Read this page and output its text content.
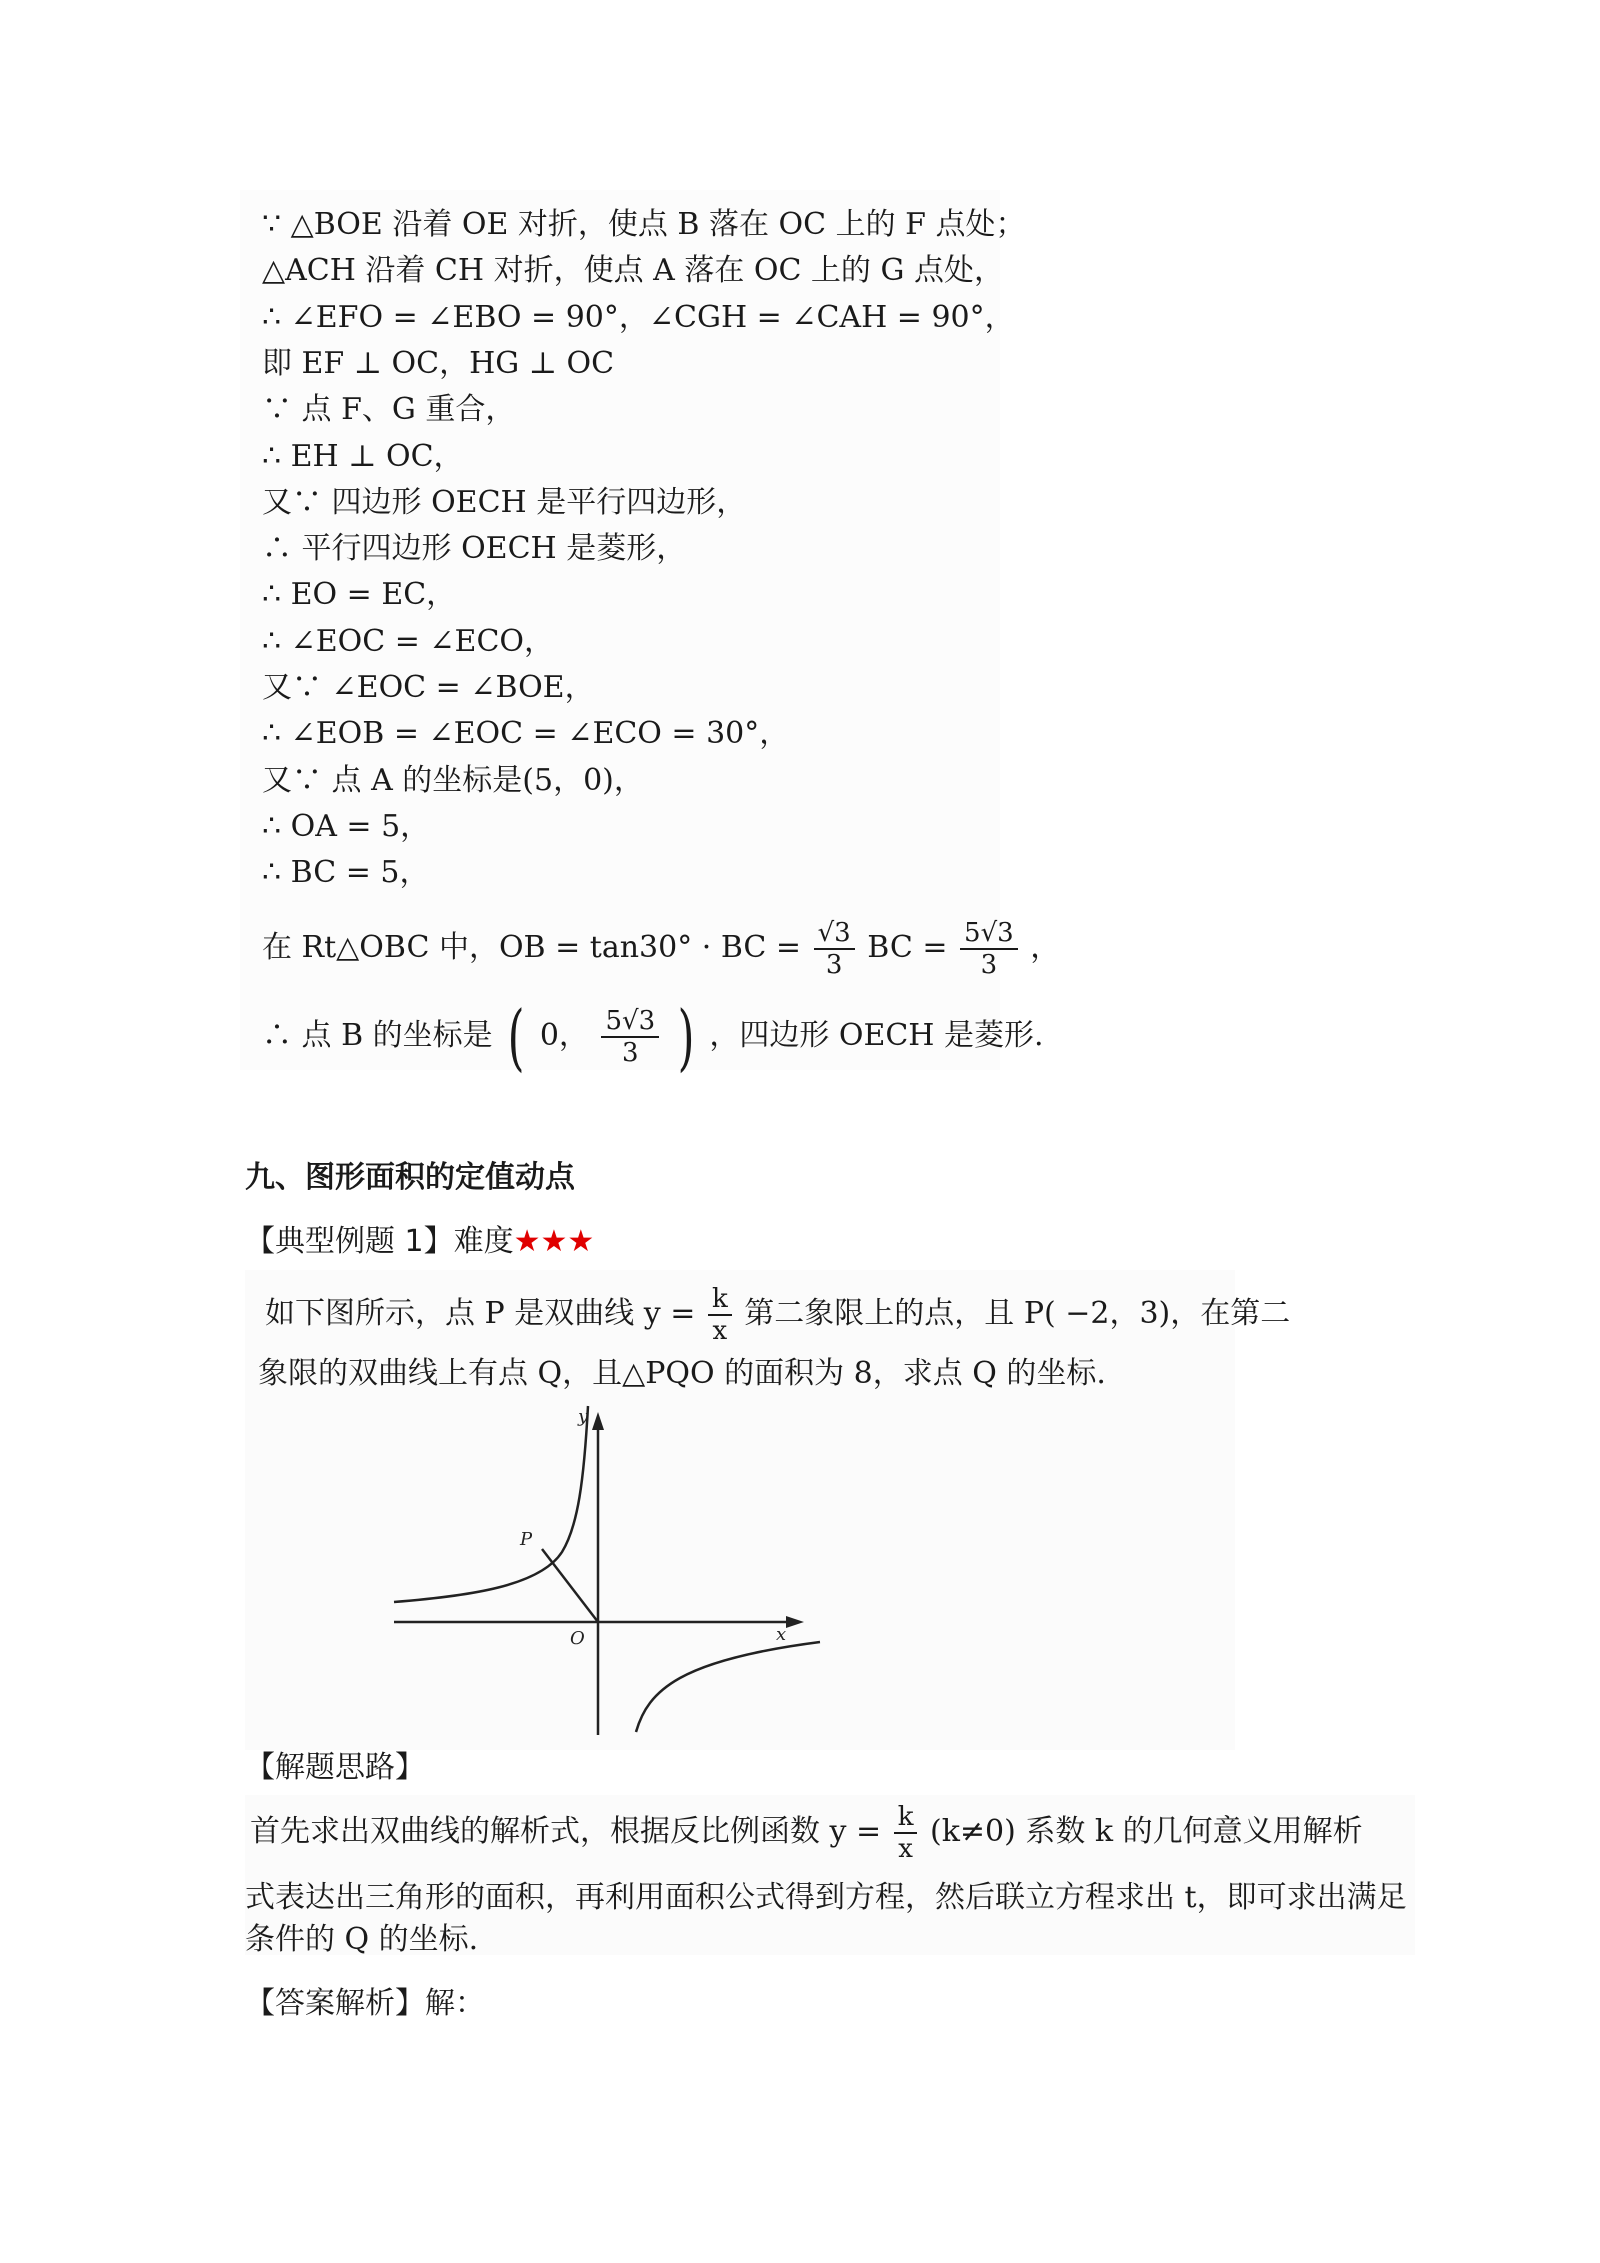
∵ △BOE 沿着 OE 对折，使点 B 落在 OC 上的 F 点处；
△ACH 沿着 CH 对折，使点 A 落在 OC 上的 G 点处，
∴ ∠EFO = ∠EBO = 90°，∠CGH = ∠CAH = 90°，
即 EF ⊥ OC，HG ⊥ OC
∵ 点 F、G 重合，
∴ EH ⊥ OC，
又∵ 四边形 OECH 是平行四边形，
∴ 平行四边形 OECH 是菱形，
∴ EO = EC，
∴ ∠EOC = ∠ECO，
又∵ ∠EOC = ∠BOE，
∴ ∠EOB = ∠EOC = ∠ECO = 30°，
又∵ 点 A 的坐标是(5，0)，
∴ OA = 5，
∴ BC = 5，
在 Rt△OBC 中，OB = tan30° · BC = $\frac{√3}{3}$ BC = $\frac{5√3}{3}$ ，
∴ 点 B 的坐标是 ( 0， $\frac{5√3}{3}$ ) ，四边形 OECH 是菱形.
九、图形面积的定值动点
【典型例题 1】难度★★★
如下图所示，点 P 是双曲线 $y = \frac{k}{x}$ 第二象限上的点，且 P( −2，3)，在第二
象限的双曲线上有点 Q，且△PQO 的面积为 8，求点 Q 的坐标.
y
x
O
P
【解题思路】
首先求出双曲线的解析式，根据反比例函数 $y = \frac{k}{x} (k\ne 0)$ 系数 k 的几何意义用解析
式表达出三角形的面积，再利用面积公式得到方程，然后联立方程求出 t，即可求出满足
条件的 Q 的坐标.
【答案解析】解：
